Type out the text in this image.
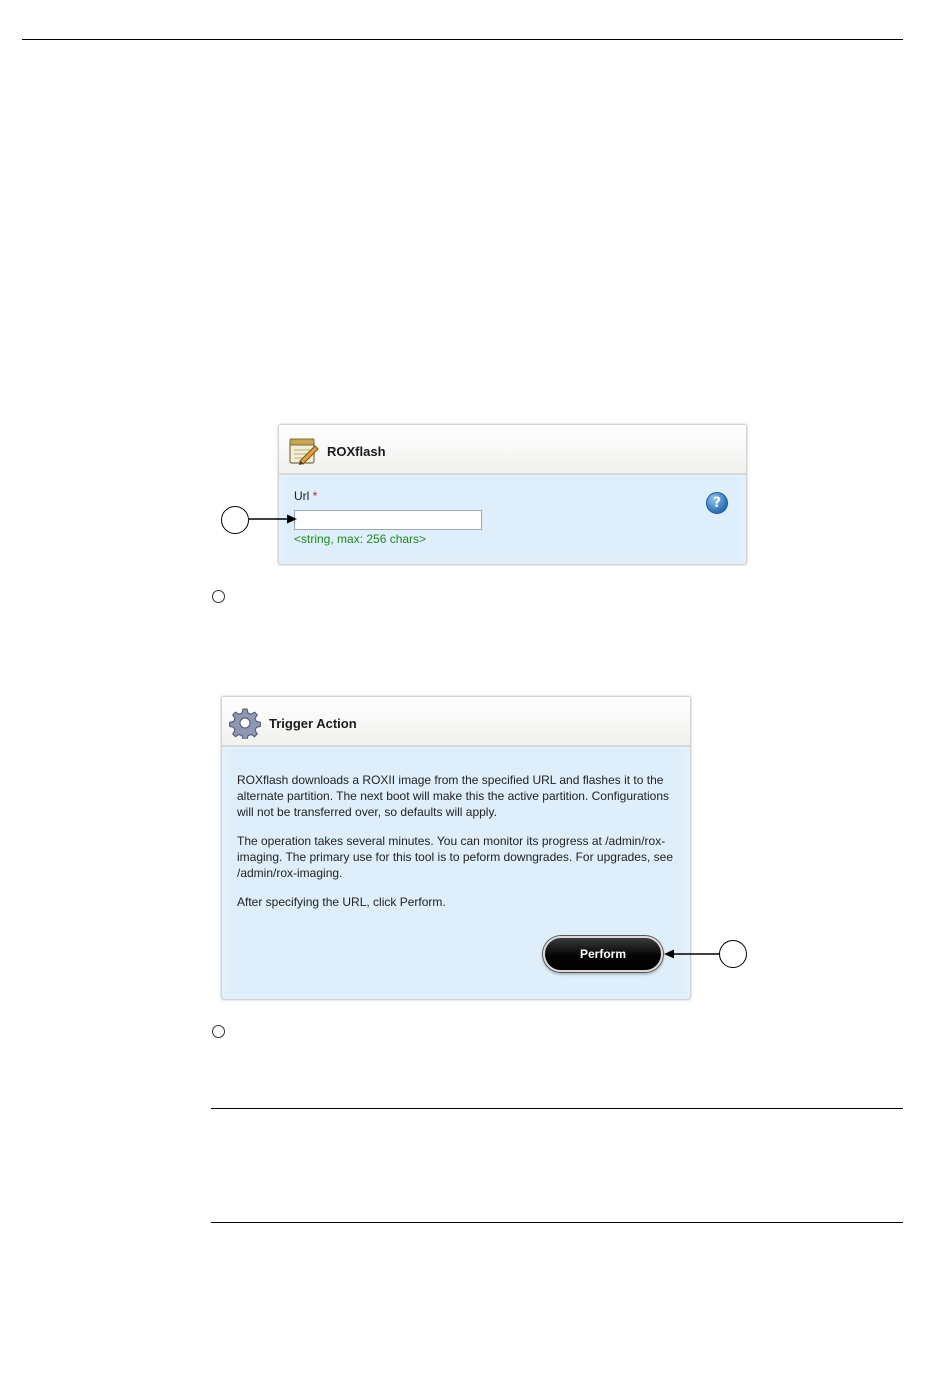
ROXflash
Url *
<string, max: 256 chars>
?
Trigger Action

ROXflash downloads a ROXII image from the specified URL and flashes it to the alternate partition. The next boot will make this the active partition. Configurations will not be transferred over, so defaults will apply.

The operation takes several minutes. You can monitor its progress at /admin/rox-imaging. The primary use for this tool is to peform downgrades. For upgrades, see /admin/rox-imaging.

After specifying the URL, click Perform.

Perform
